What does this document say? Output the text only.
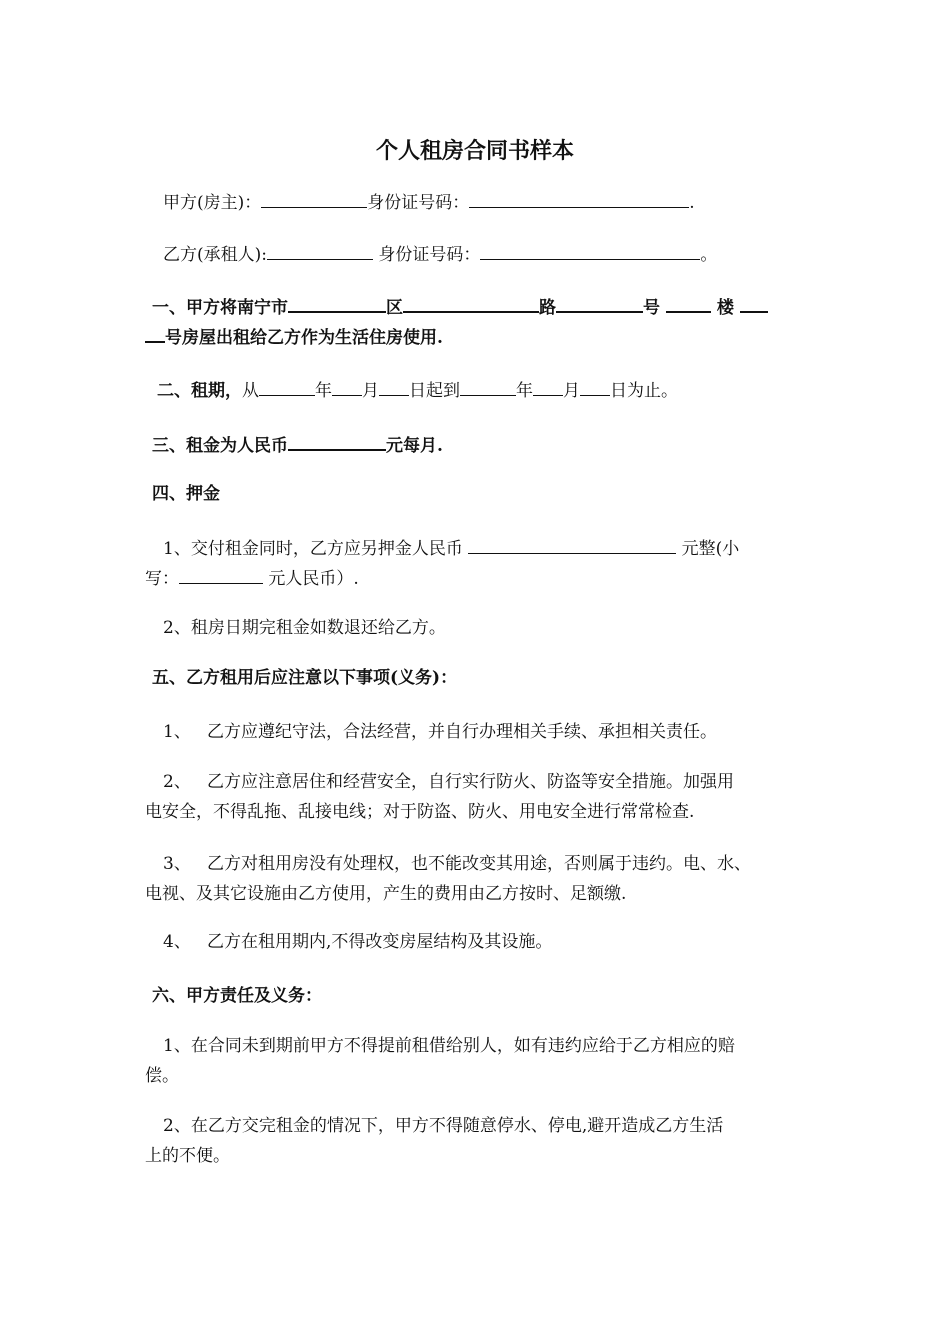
个人租房合同书样本
甲方(房主)：	身份证号码：	.
乙方(承租人):	身份证号码：	。
一、甲方将南宁市	区	路	号	楼
号房屋出租给乙方作为生活住房使用.
二、租期，从	年 月 日起到	年 月 日为止。
三、租金为人民币	元每月.
四、押金
1、交付租金同时，乙方应另押金人民币	元整(小
写：	元人民币）.
2、租房日期完租金如数退还给乙方。
五、乙方租用后应注意以下事项(义务)：
1、   乙方应遵纪守法，合法经营，并自行办理相关手续、承担相关责任。
2、   乙方应注意居住和经营安全，自行实行防火、防盗等安全措施。加强用
电安全，不得乱拖、乱接电线；对于防盗、防火、用电安全进行常常检查.
3、   乙方对租用房没有处理权，也不能改变其用途，否则属于违约。电、水、
电视、及其它设施由乙方使用，产生的费用由乙方按时、足额缴.
4、   乙方在租用期内,不得改变房屋结构及其设施。
六、甲方责任及义务：
1、在合同未到期前甲方不得提前租借给别人，如有违约应给于乙方相应的赔
偿。
2、在乙方交完租金的情况下，甲方不得随意停水、停电,避开造成乙方生活
上的不便。
